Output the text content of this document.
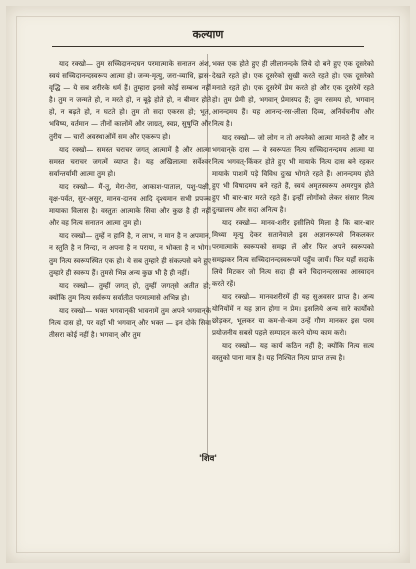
कल्याण

याद रक्खो— तुम सच्चिदानन्दघन परमात्माके सनातन अंश, स्वयं सच्चिदानन्दस्वरूप आत्मा हो। जन्म-मृत्यु, जरा-व्याधि, ह्रास-वृद्धि — ये सब शरीरके धर्म हैं। तुम्हारा इनसे कोई सम्बन्ध नहीं है। तुम न जन्मते हो, न मरते हो, न बूढ़े होते हो, न बीमार होते हो, न बढ़ते हो, न घटते हो। तुम तो सदा एकरस हो; भूत, भविष्य, वर्तमान — तीनों कालोंमें और जाग्रत्, स्वप्न, सुषुप्ति और तुरीय — चारों अवस्थाओंमें सम और एकरूप हो।

याद रक्खो— समस्त चराचर जगत् आत्मामें है और आत्मा समस्त चराचर जगत्में व्याप्त है। यह अखिलात्मा सर्वेश्वर सर्वान्तर्यामी आत्मा तुम हो।

याद रक्खो— मैं-तू, मेरा-तेरा, आकाश-पाताल, पशु-पक्षी, वृक्ष-पर्वत, सुर-असुर, मानव-दानव आदि दृश्यमान सभी प्रपञ्च मायाका विलास है। वस्तुतः आत्माके सिवा और कुछ है ही नहीं और वह नित्य सनातन आत्मा तुम हो।

याद रक्खो— तुम्हें न हानि है, न लाभ, न मान है न अपमान, न स्तुति है न निन्दा, न अपना है न पराया, न भोक्ता है न भोग। तुम नित्य स्वरूपस्थित एक हो। ये सब तुम्हारे ही संकल्पसे बने हुए तुम्हारे ही स्वरूप हैं। तुमसे भिन्न अन्य कुछ भी है ही नहीं।

याद रक्खो— तुम्हीं जगत् हो, तुम्हीं जगत्‌से अतीत हो; क्योंकि तुम नित्य सर्वरूप सर्वातीत परमात्मासे अभिन्न हो।

याद रक्खो— भक्त भगवान्‌की भावनामें तुम अपने भगवान्‌के नित्य दास हो, पर वहाँ भी भगवान् और भक्त — इन दोके सिवा तीसरा कोई नहीं है। भगवान् और तुम

भक्त एक होते हुए ही लीलानन्दके लिये दो बने हुए एक दूसरेको देखते रहते हो। एक दूसरेको सुखी करते रहते हो। एक दूसरेको मनाते रहते हो। एक दूसरेमें प्रेम करते हो और एक दूसरेमें रहते हो। तुम प्रेमी हो, भगवान् प्रेमास्पद हैं; तुम रसमय हो, भगवान् आनन्दमय हैं। यह आनन्द-रस-लीला दिव्य, अनिर्वचनीय और नित्य है।

याद रक्खो— जो लोग न तो अपनेको आत्मा मानते हैं और न भगवान्‌के दास — वे स्वरूपतः नित्य सच्चिदानन्दमय आत्मा या नित्य भगवत्-किंकर होते हुए भी मायाके नित्य दास बने रहकर मायाके पाशमें पड़े विविध दुःख भोगते रहते हैं। आनन्दमय होते हुए भी विषादमय बने रहते हैं, स्वयं अमृतस्वरूप अमरपुत्र होते हुए भी बार-बार मरते रहते हैं। इन्हीं लोगोंको लेकर संसार नित्य दुःखालय और सदा अनित्य है।

याद रक्खो— मानव-शरीर इसीलिये मिला है कि बार-बार मिथ्या मृत्यु देकर सतानेवाले इस अज्ञानरूपसे निकलकर परमात्माके स्वरूपको समझ लें और फिर अपने स्वरूपको समझकर नित्य सच्चिदानन्दस्वरूपमें पहुँच जायँ। फिर यहाँ सदाके लिये मिटकर जो नित्य सदा ही बने चिदानन्दरसका आस्वादन करते रहें।

याद रक्खो— मानवशरीरमें ही यह सुअवसर प्राप्त है। अन्य योनियोंमें न यह ज्ञान होगा न प्रेम। इसलिये अन्य सारे कार्योंको छोड़कर, भूलकर या कम-से-कम उन्हें गौण मानकर इस परम प्रयोजनीय सबसे पहले सम्पादन करने योग्य काम करो।

याद रक्खो— यह कार्य कठिन नहीं है; क्योंकि नित्य सत्य वस्तुको पाना मात्र है। यह निश्चित नित्य प्राप्त तत्त्व है।

'शिव'
